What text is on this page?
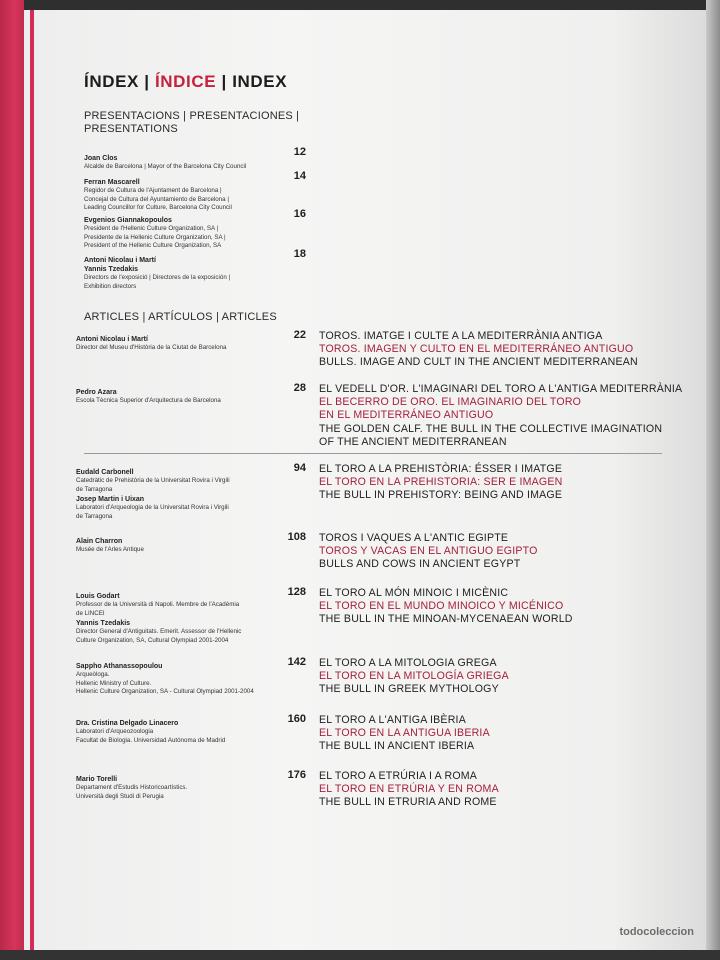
ÍNDEX | ÍNDICE | INDEX
PRESENTACIONS | PRESENTACIONES |
PRESENTATIONS
12
Joan Clos
Alcalde de Barcelona | Mayor of the Barcelona City Council
14
Ferran Mascarell
Regidor de Cultura de l'Ajuntament de Barcelona |
Concejal de Cultura del Ayuntamiento de Barcelona |
Leading Councillor for Culture, Barcelona City Council
16
Evgenios Giannakopoulos
President de l'Hellenic Culture Organization, SA |
Presidente de la Hellenic Culture Organization, SA |
President of the Hellenic Culture Organization, SA
18
Antoni Nicolau i Martí
Yannis Tzedakis
Directors de l'exposició | Directores de la exposición |
Exhibition directors
ARTICLES | ARTÍCULOS | ARTICLES
22
Antoni Nicolau i Martí
Director del Museu d'Història de la Ciutat de Barcelona
TOROS. IMATGE I CULTE A LA MEDITERRÀNIA ANTIGA
TOROS. IMAGEN Y CULTO EN EL MEDITERRÁNEO ANTIGUO
BULLS. IMAGE AND CULT IN THE ANCIENT MEDITERRANEAN
28
Pedro Azara
Escola Tècnica Superior d'Arquitectura de Barcelona
EL VEDELL D'OR. L'IMAGINARI DEL TORO A L'ANTIGA MEDITERRÀNIA
EL BECERRO DE ORO. EL IMAGINARIO DEL TORO
EN EL MEDITERRÁNEO ANTIGUO
THE GOLDEN CALF. THE BULL IN THE COLLECTIVE IMAGINATION
OF THE ANCIENT MEDITERRANEAN
94
Eudald Carbonell
Catedràtic de Prehistòria de la Universitat Rovira i Virgili
de Tarragona
Josep Martin i Uixan
Laboratori d'Arqueologia de la Universitat Rovira i Virgili
de Tarragona
EL TORO A LA PREHISTÒRIA: ÉSSER I IMATGE
EL TORO EN LA PREHISTORIA: SER E IMAGEN
THE BULL IN PREHISTORY: BEING AND IMAGE
108
Alain Charron
Musée de l'Arles Antique
TOROS I VAQUES A L'ANTIC EGIPTE
TOROS Y VACAS EN EL ANTIGUO EGIPTO
BULLS AND COWS IN ANCIENT EGYPT
128
Louis Godart
Professor de la Università di Napoli. Membre de l'Acadèmia
de LINCEI
Yannis Tzedakis
Director General d'Antiguitats. Emerit. Assessor de l'Hellenic
Culture Organization, SA, Cultural Olympiad 2001-2004
EL TORO AL MÓN MINOIC I MICÈNIC
EL TORO EN EL MUNDO MINOICO Y MICÉNICO
THE BULL IN THE MINOAN-MYCENAEAN WORLD
142
Sappho Athanassopoulou
Arqueòloga.
Hellenic Ministry of Culture.
Hellenic Culture Organization, SA - Cultural Olympiad 2001-2004
EL TORO A LA MITOLOGIA GREGA
EL TORO EN LA MITOLOGÍA GRIEGA
THE BULL IN GREEK MYTHOLOGY
160
Dra. Cristina Delgado Linacero
Laboratori d'Arqueozoologia
Facultat de Biologia. Universidad Autónoma de Madrid
EL TORO A L'ANTIGA IBÈRIA
EL TORO EN LA ANTIGUA IBERIA
THE BULL IN ANCIENT IBERIA
176
Mario Torelli
Departament d'Estudis Historicoartístics.
Università degli Studi di Perugia
EL TORO A ETRÚRIA I A ROMA
EL TORO EN ETRÚRIA Y EN ROMA
THE BULL IN ETRURIA AND ROME
todocoleccion
